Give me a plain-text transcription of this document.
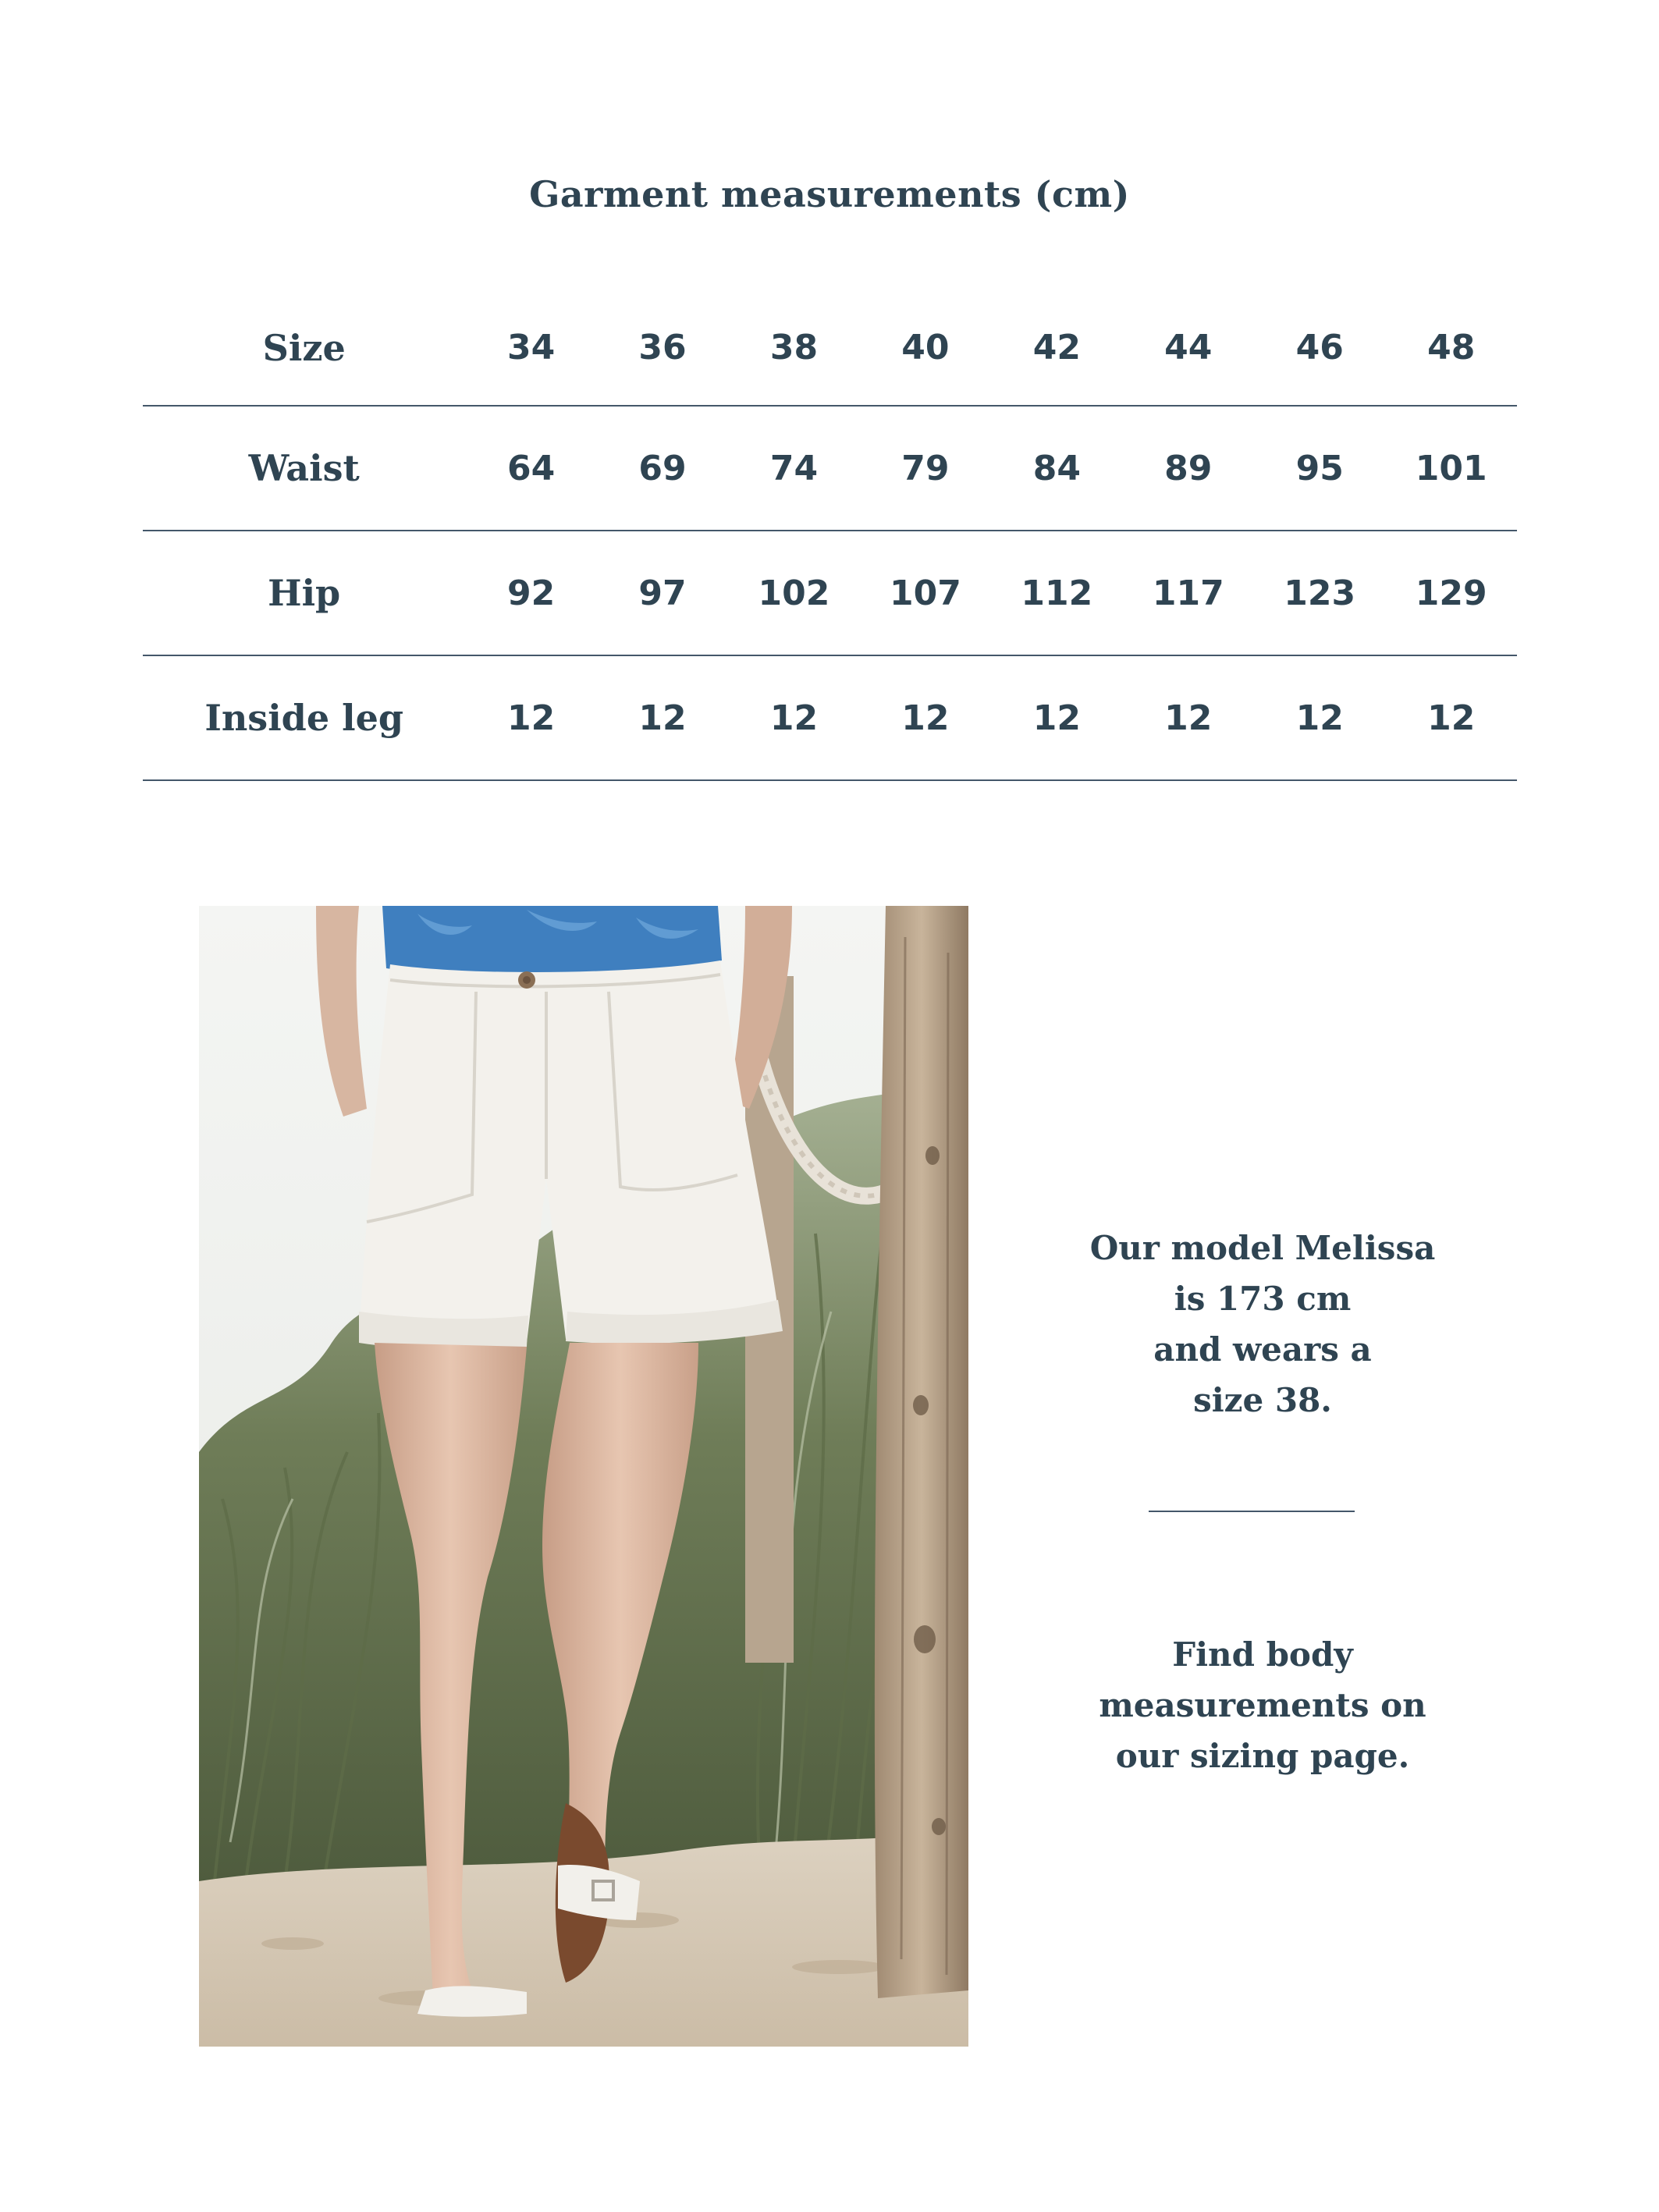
Garment measurements (cm)
Size	34	36	38	40	42	44	46	48
Waist	64	69	74	79	84	89	95	101
Hip	92	97	102	107	112	117	123	129
Inside leg	12	12	12	12	12	12	12	12
Our model Melissa
is 173 cm
and wears a
size 38.
Find body
measurements on
our sizing page.
